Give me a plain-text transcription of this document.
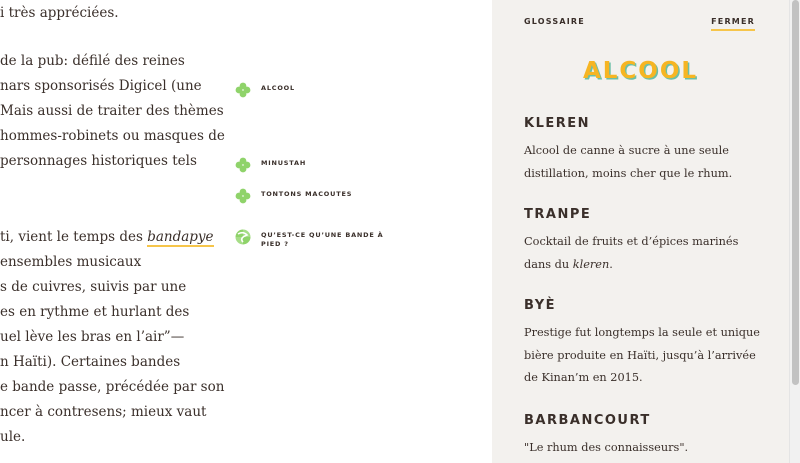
i très appréciées.
de la pub: défilé des reines
nars sponsorisés Digicel (une
Mais aussi de traiter des thèmes
hommes-robinets ou masques de
personnages historiques tels
ti, vient le temps des bandapye
ensembles musicaux
s de cuivres, suivis par une
es en rythme et hurlant des
uel lève les bras en l’air”—
n Haïti). Certaines bandes
e bande passe, précédée par son
ncer à contresens; mieux vaut
ule.
ALCOOL
MINUSTAH
TONTONS MACOUTES
QU’EST-CE QU’UNE BANDE À PIED ?
GLOSSAIRE	FERMER
ALCOOL
KLEREN
Alcool de canne à sucre à une seule distillation, moins cher que le rhum.
TRANPE
Cocktail de fruits et d’épices marinés dans du kleren.
BYÈ
Prestige fut longtemps la seule et unique bière produite en Haïti, jusqu’à l’arrivée de Kinan’m en 2015.
BARBANCOURT
"Le rhum des connaisseurs".
